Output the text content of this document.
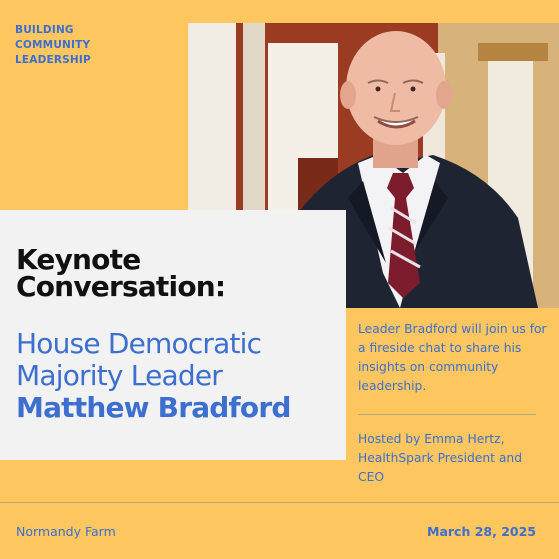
BUILDING
COMMUNITY
LEADERSHIP
Keynote
Conversation:
House Democratic
Majority Leader
Matthew Bradford
Leader Bradford will join us for a fireside chat to share his insights on community leadership.
Hosted by Emma Hertz, HealthSpark President and CEO
Normandy Farm	March 28, 2025
